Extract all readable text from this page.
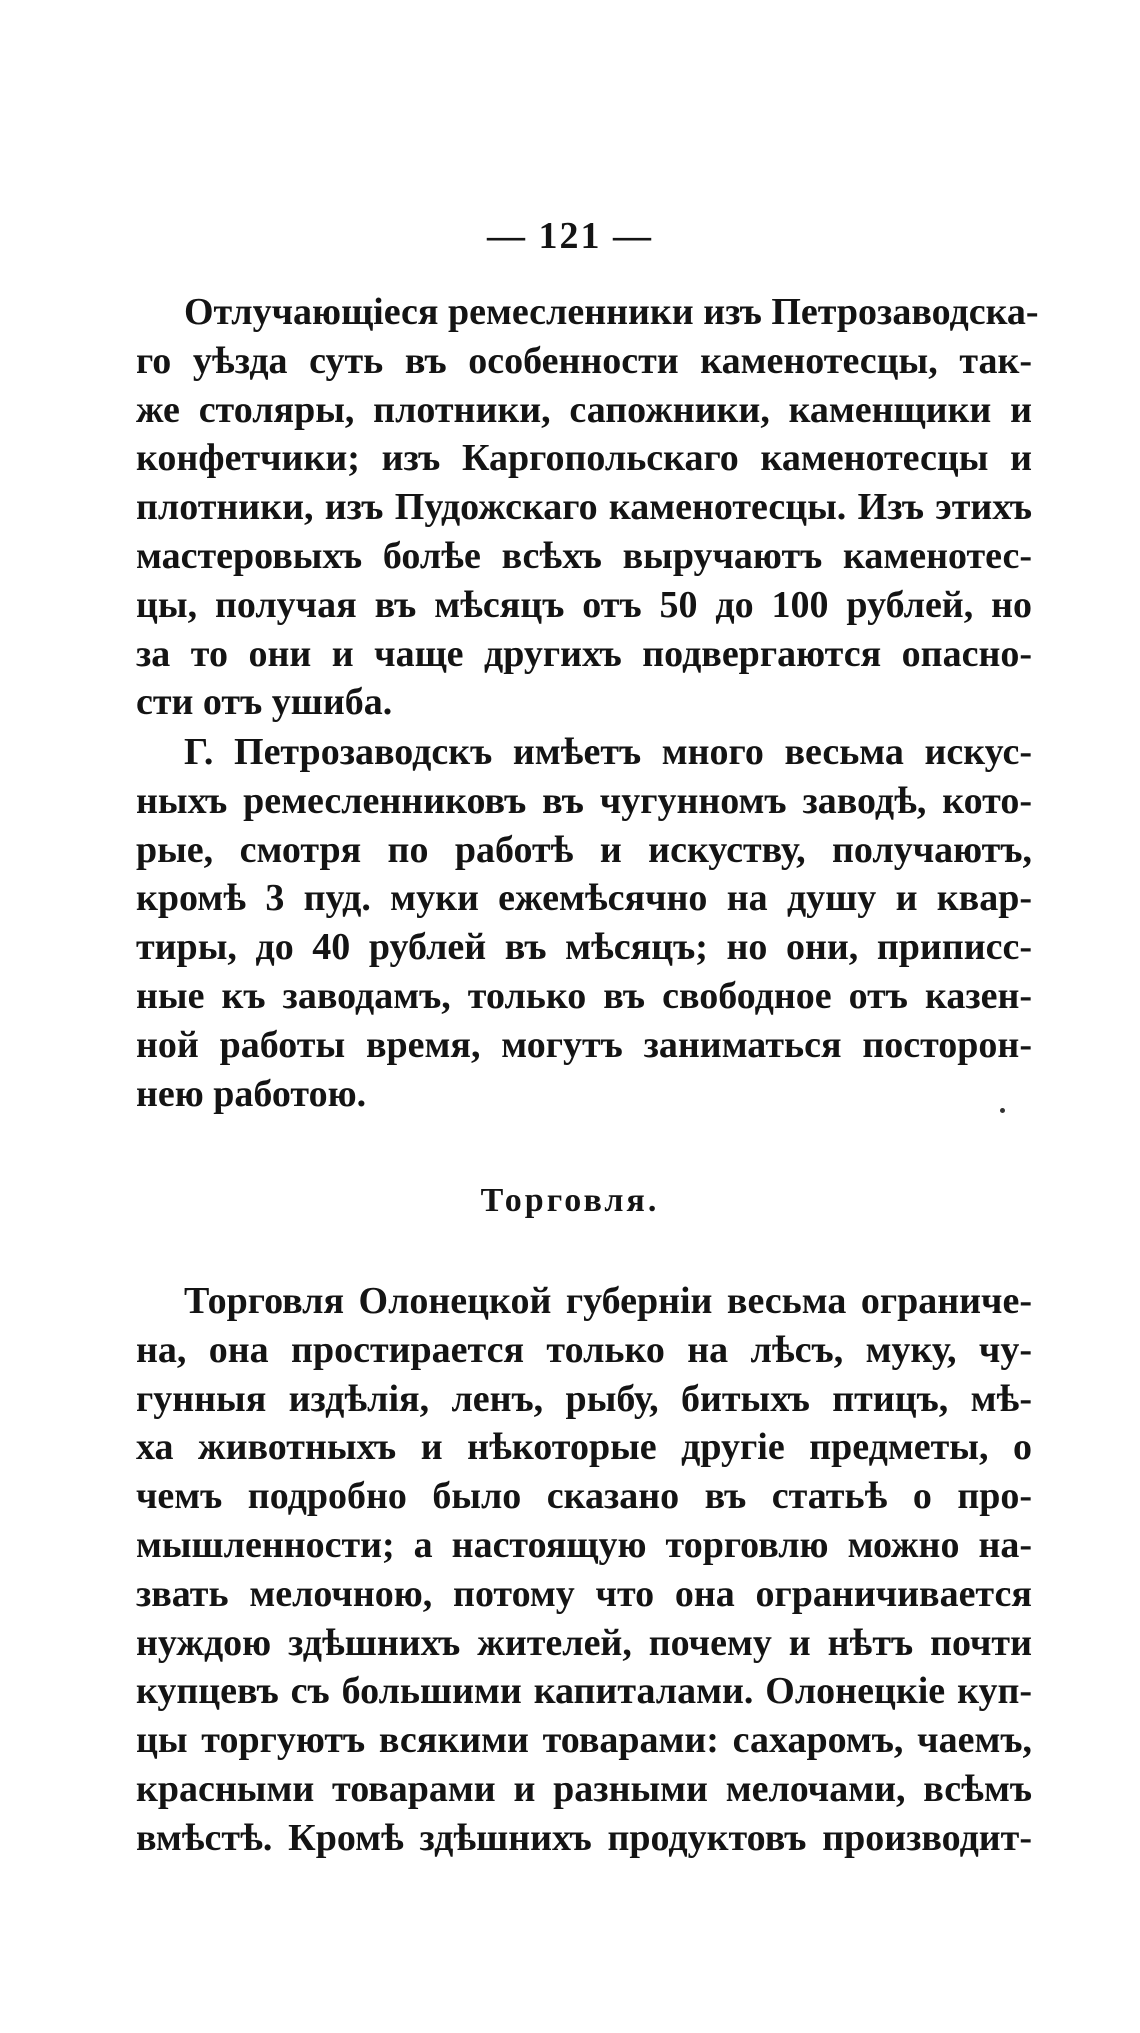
— 121 —
Отлучающіеся ремесленники изъ Петрозаводска-
го уѣзда суть въ особенности каменотесцы, так-
же столяры, плотники, сапожники, каменщики и
конфетчики; изъ Каргопольскаго каменотесцы и
плотники, изъ Пудожскаго каменотесцы. Изъ этихъ
мастеровыхъ болѣе всѣхъ выручаютъ каменотес-
цы, получая въ мѣсяцъ отъ 50 до 100 рублей, но
за то они и чаще другихъ подвергаются опасно-
сти отъ ушиба.
Г. Петрозаводскъ имѣетъ много весьма искус-
ныхъ ремесленниковъ въ чугунномъ заводѣ, кото-
рые, смотря по работѣ и искуству, получаютъ,
кромѣ 3 пуд. муки ежемѣсячно на душу и квар-
тиры, до 40 рублей въ мѣсяцъ; но они, приписс-
ные къ заводамъ, только въ свободное отъ казен-
ной работы время, могутъ заниматься посторон-
нею работою.
Торговля.
Торговля Олонецкой губерніи весьма ограниче-
на, она простирается только на лѣсъ, муку, чу-
гунныя издѣлія, ленъ, рыбу, битыхъ птицъ, мѣ-
ха животныхъ и нѣкоторые другіе предметы, о
чемъ подробно было сказано въ статьѣ о про-
мышленности; а настоящую торговлю можно на-
звать мелочною, потому что она ограничивается
нуждою здѣшнихъ жителей, почему и нѣтъ почти
купцевъ съ большими капиталами. Олонецкіе куп-
цы торгуютъ всякими товарами: сахаромъ, чаемъ,
красными товарами и разными мелочами, всѣмъ
вмѣстѣ. Кромѣ здѣшнихъ продуктовъ производит-
